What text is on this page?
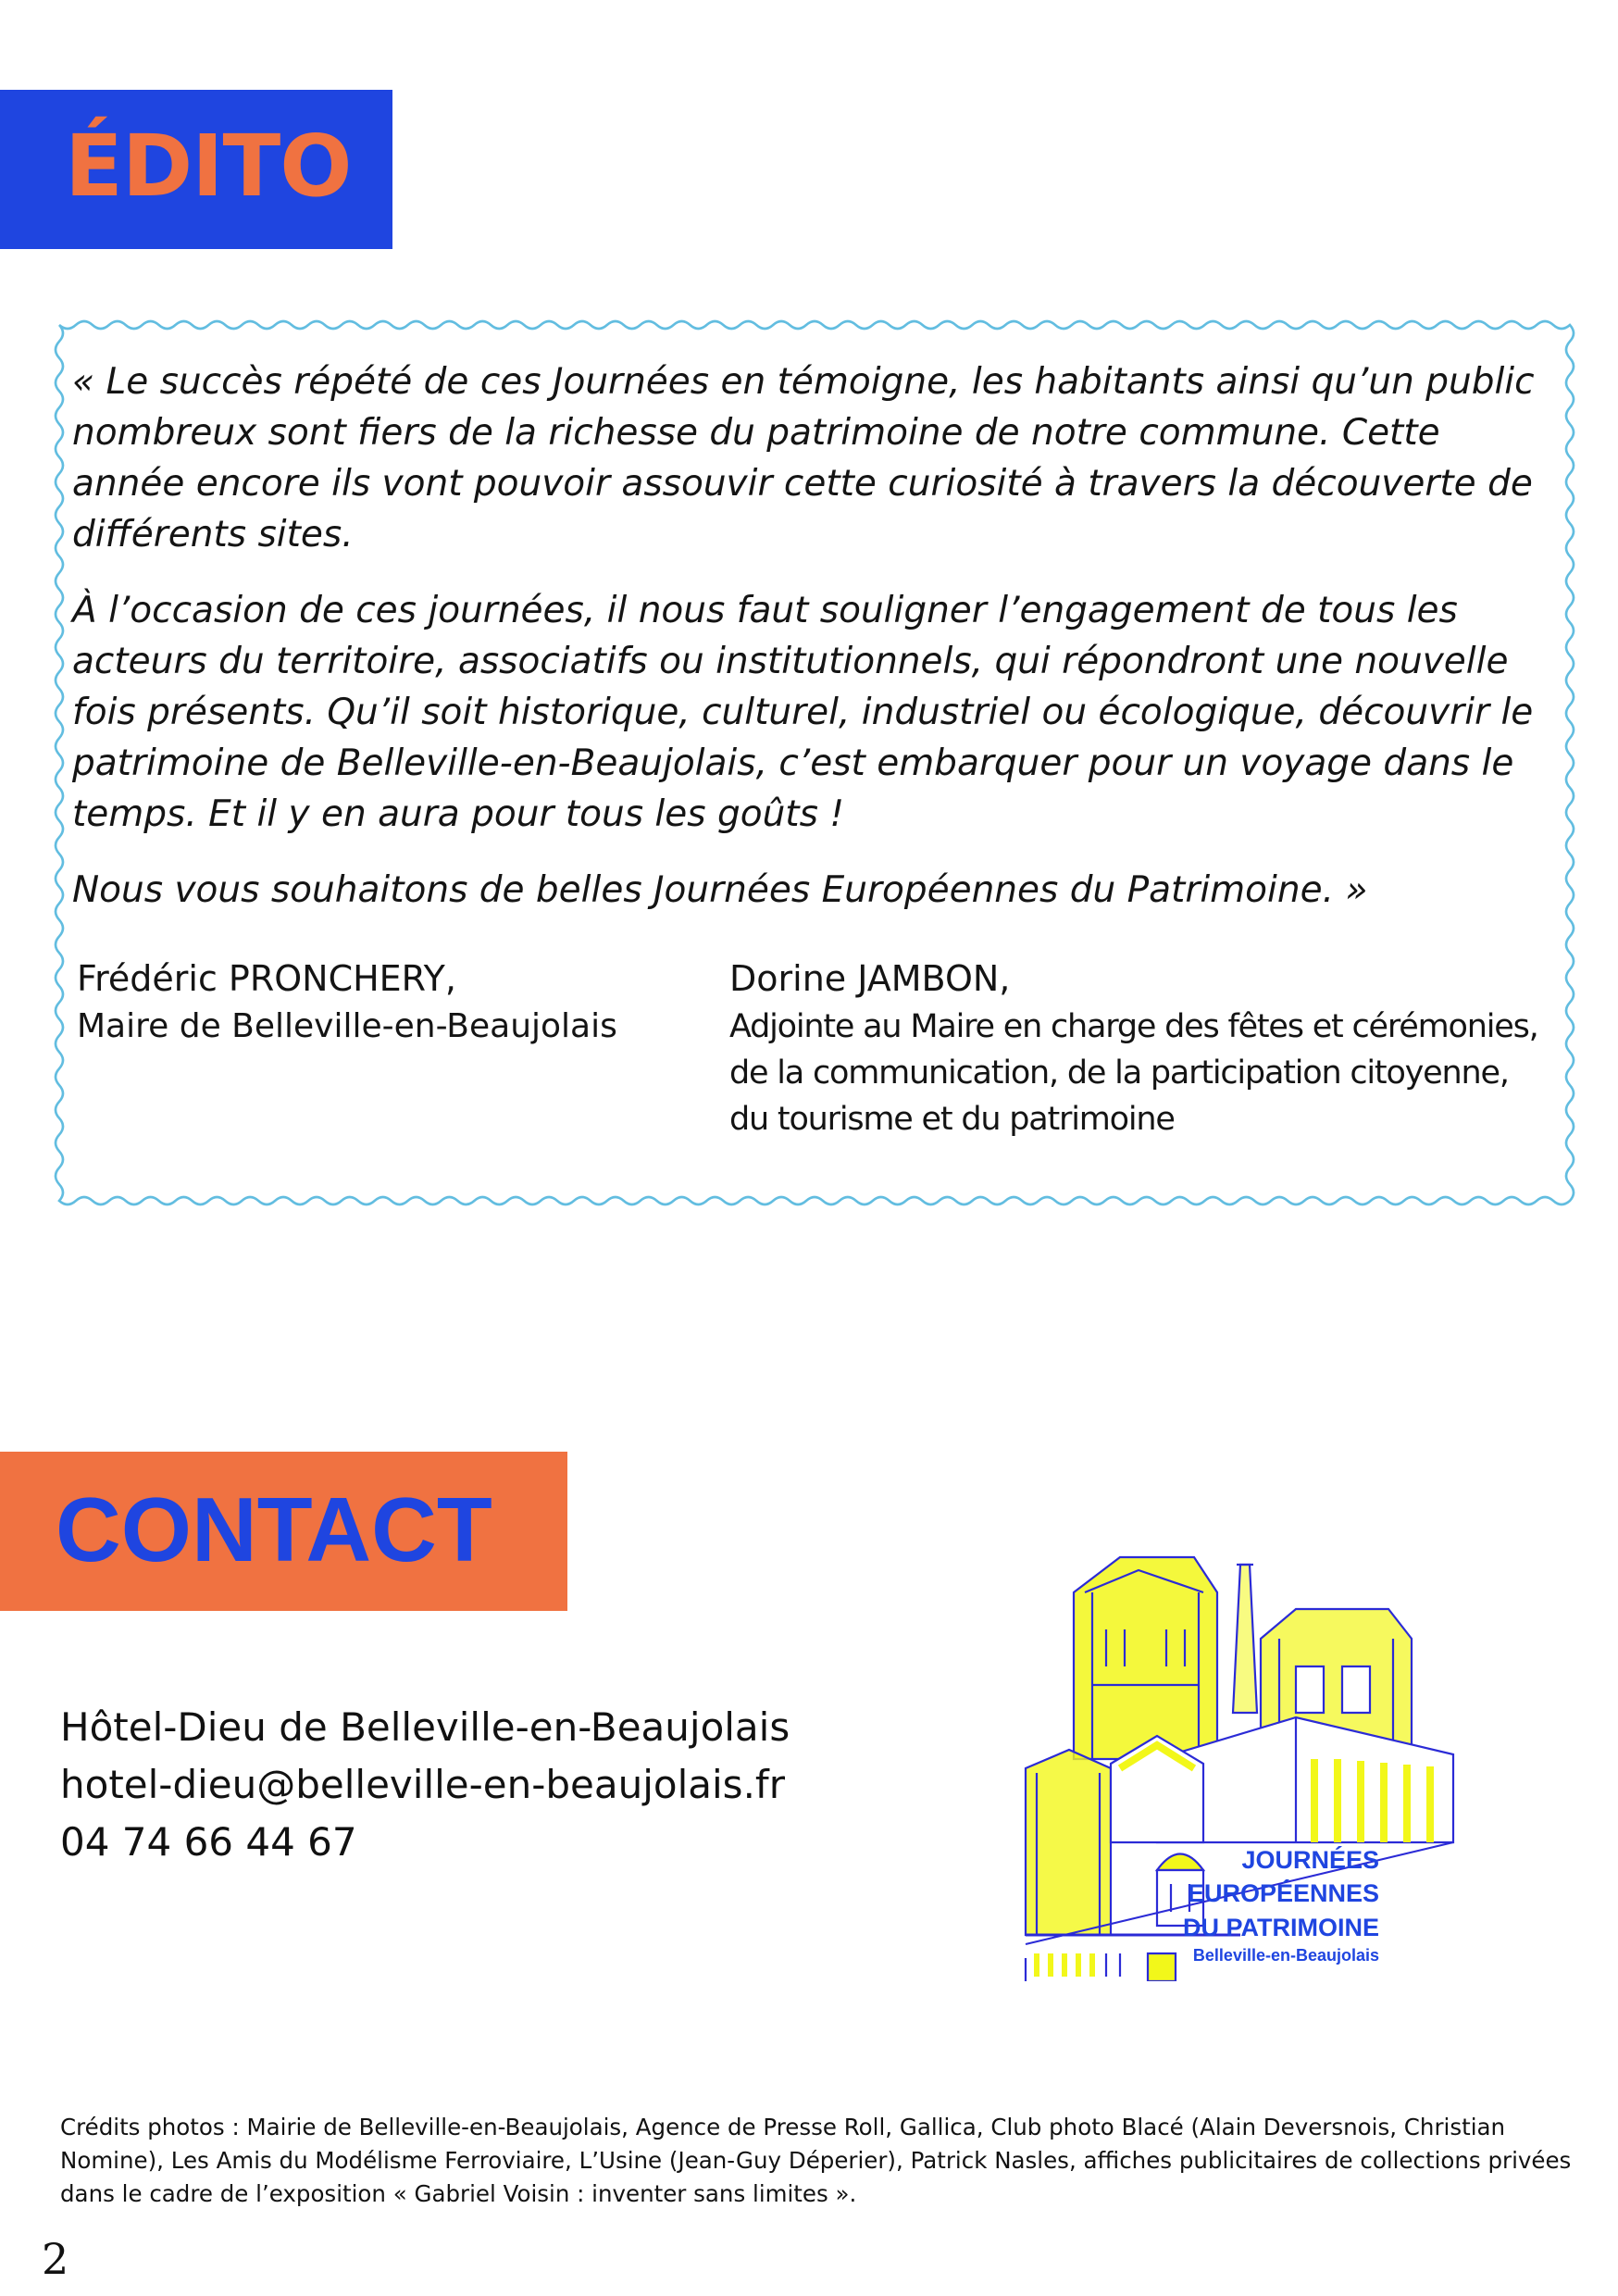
ÉDITO

« Le succès répété de ces Journées en témoigne, les habitants ainsi qu’un public nombreux sont fiers de la richesse du patrimoine de notre commune. Cette année encore ils vont pouvoir assouvir cette curiosité à travers la découverte de différents sites.

À l’occasion de ces journées, il nous faut souligner l’engagement de tous les acteurs du territoire, associatifs ou institutionnels, qui répondront une nouvelle fois présents. Qu’il soit historique, culturel, industriel ou écologique, découvrir le patrimoine de Belleville-en-Beaujolais, c’est embarquer pour un voyage dans le temps. Et il y en aura pour tous les goûts !

Nous vous souhaitons de belles Journées Européennes du Patrimoine. »

Frédéric PRONCHERY,
Maire de Belleville-en-Beaujolais
Dorine JAMBON,
Adjointe au Maire en charge des fêtes et cérémonies,
de la communication, de la participation citoyenne,
du tourisme et du patrimoine
CONTACT
Hôtel-Dieu de Belleville-en-Beaujolais
hotel-dieu@belleville-en-beaujolais.fr
04 74 66 44 67	JOURNÉES
EUROPÉENNES
DU PATRIMOINE
Belleville-en-Beaujolais
Crédits photos : Mairie de Belleville-en-Beaujolais, Agence de Presse Roll, Gallica, Club photo Blacé (Alain Deversnois, Christian Nomine), Les Amis du Modélisme Ferroviaire, L’Usine (Jean-Guy Déperier), Patrick Nasles, affiches publicitaires de collections privées dans le cadre de l’exposition « Gabriel Voisin : inventer sans limites ».
2
